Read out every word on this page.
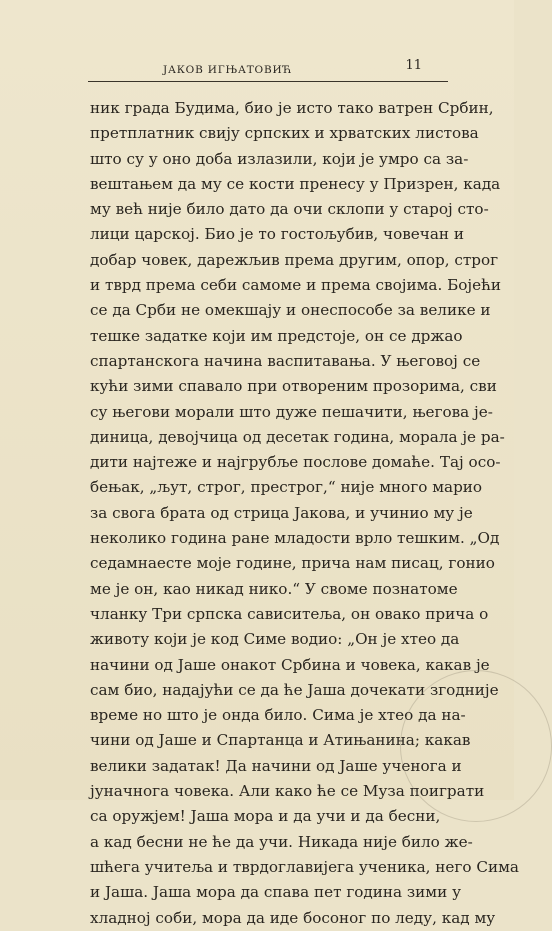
ЈАКОВ ИГЊАТОВИЋ	11
ник града Будима, био је исто тако ватрен Србин,
претплатник свију српских и хрватских листова
што су у оно доба излазили, који је умро са за-
вештањем да му се кости пренесу у Призрен, када
му већ није било дато да очи склопи у старој сто-
лици царској. Био је то гостољубив, човечан и
добар човек, дарежљив према другим, опор, строг
и тврд према себи самоме и према својима. Бојећи
се да Срби не омекшају и онеспособе за велике и
тешке задатке који им предстоје, он се држао
спартанскога начина васпитавања. У његовој се
кући зими спавало при отвореним прозорима, сви
су његови морали што дуже пешачити, његова је-
диница, девојчица од десетак година, морала је ра-
дити најтеже и најгрубље послове домаће. Тај осо-
бењак, „љут, строг, престрог,“ није много марио
за свога брата од стрица Јакова, и учинио му је
неколико година ране младости врло тешким. „Од
седамнаесте моје године, прича нам писац, гонио
ме је он, као никад нико.“ У своме познатоме
чланку Три српска сависитеља, он овако прича о
животу који је код Симе водио: „Он је хтео да
начини од Јаше онакот Србина и човека, какав је
сам био, надајући се да ће Јаша дочекати згодније
време но што је онда било. Сима је хтео да на-
чини од Јаше и Спартанца и Атињанина; какав
велики задатак! Да начини од Јаше ученога и
јуначнога човека. Али како ће се Муза поиграти
са оружјем! Јаша мора и да учи и да бесни,
а кад бесни не ће да учи. Никада није било же-
шћега учитеља и тврдоглавијега ученика, него Сима
и Јаша. Јаша мора да спава пет година зими у
хладној соби, мора да иде босоног по леду, кад му
